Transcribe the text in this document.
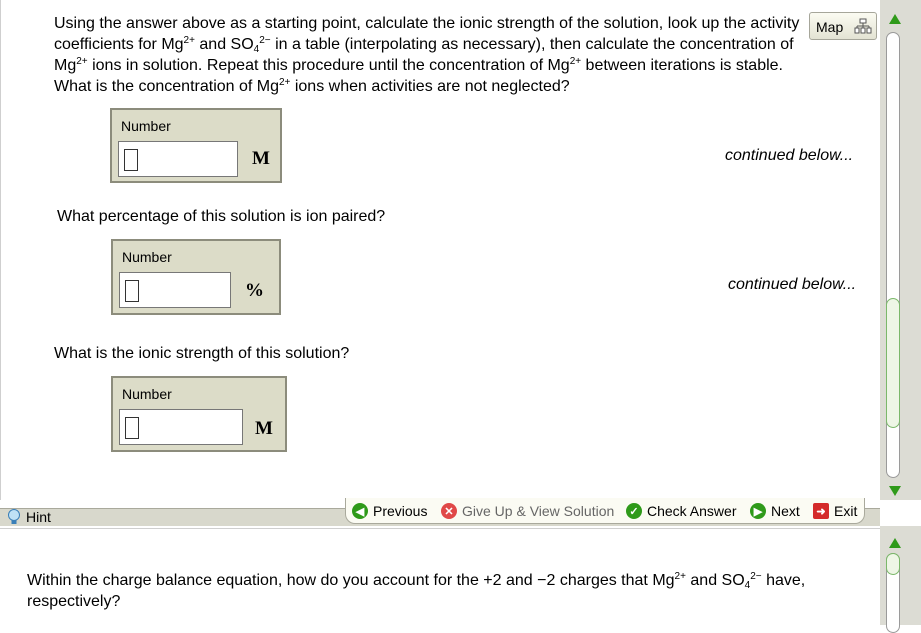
Using the answer above as a starting point, calculate the ionic strength of the solution, look up the activity
coefficients for $Mg^{2+}$ and $SO_4^{2-}$ in a table (interpolating as necessary), then calculate the concentration of
$Mg^{2+}$ ions in solution. Repeat this procedure until the concentration of $Mg^{2+}$ between iterations is stable.
What is the concentration of $Mg^{2+}$ ions when activities are not neglected?
Map
Number
M	continued below...
What percentage of this solution is ion paired?
Number
%	continued below...
What is the ionic strength of this solution?
Number
M
Hint	◀ Previous	✕ Give Up & View Solution	✓ Check Answer	▶ Next	➜ Exit
Within the charge balance equation, how do you account for the +2 and −2 charges that $Mg^{2+}$ and $SO_4^{2-}$ have,
respectively?
